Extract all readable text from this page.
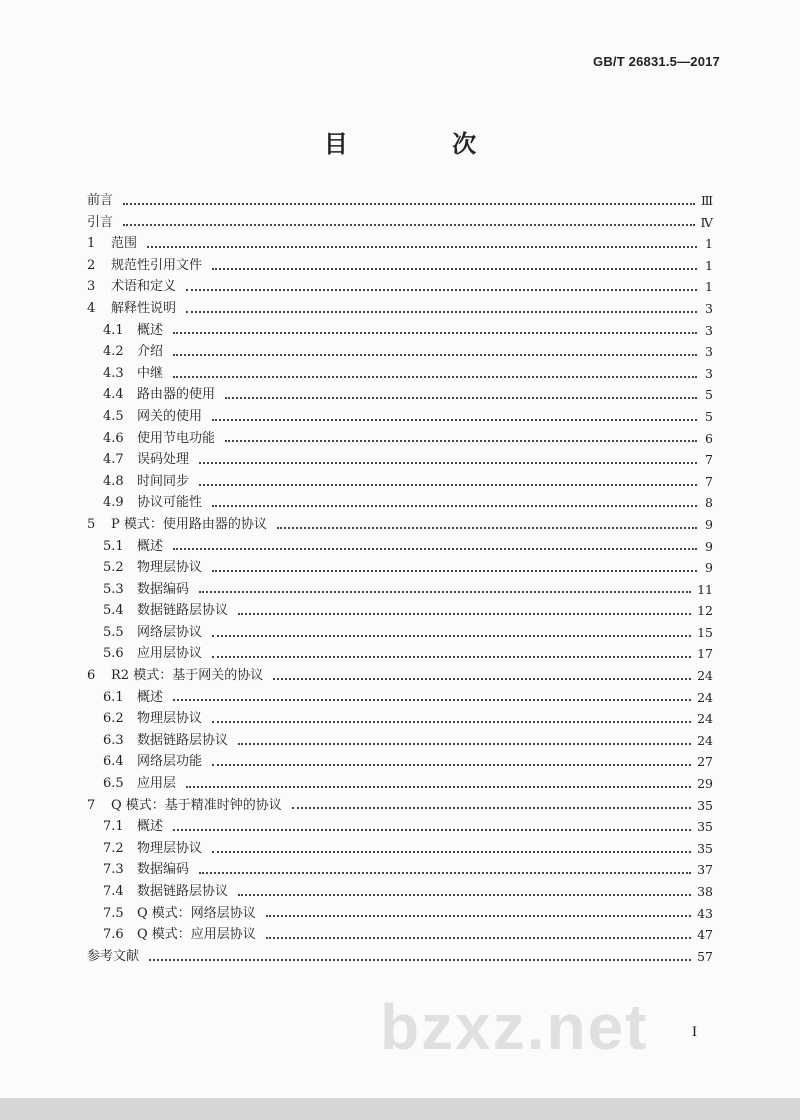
GB/T 26831.5—2017
目 次
前言	Ⅲ
引言	Ⅳ
1	范围	1
2	规范性引用文件	1
3	术语和定义	1
4	解释性说明	3
4.1	概述	3
4.2	介绍	3
4.3	中继	3
4.4	路由器的使用	5
4.5	网关的使用	5
4.6	使用节电功能	6
4.7	误码处理	7
4.8	时间同步	7
4.9	协议可能性	8
5	P 模式：使用路由器的协议	9
5.1	概述	9
5.2	物理层协议	9
5.3	数据编码	11
5.4	数据链路层协议	12
5.5	网络层协议	15
5.6	应用层协议	17
6	R2 模式：基于网关的协议	24
6.1	概述	24
6.2	物理层协议	24
6.3	数据链路层协议	24
6.4	网络层功能	27
6.5	应用层	29
7	Q 模式：基于精准时钟的协议	35
7.1	概述	35
7.2	物理层协议	35
7.3	数据编码	37
7.4	数据链路层协议	38
7.5	Q 模式：网络层协议	43
7.6	Q 模式：应用层协议	47
参考文献	57
I
bzxz.net
